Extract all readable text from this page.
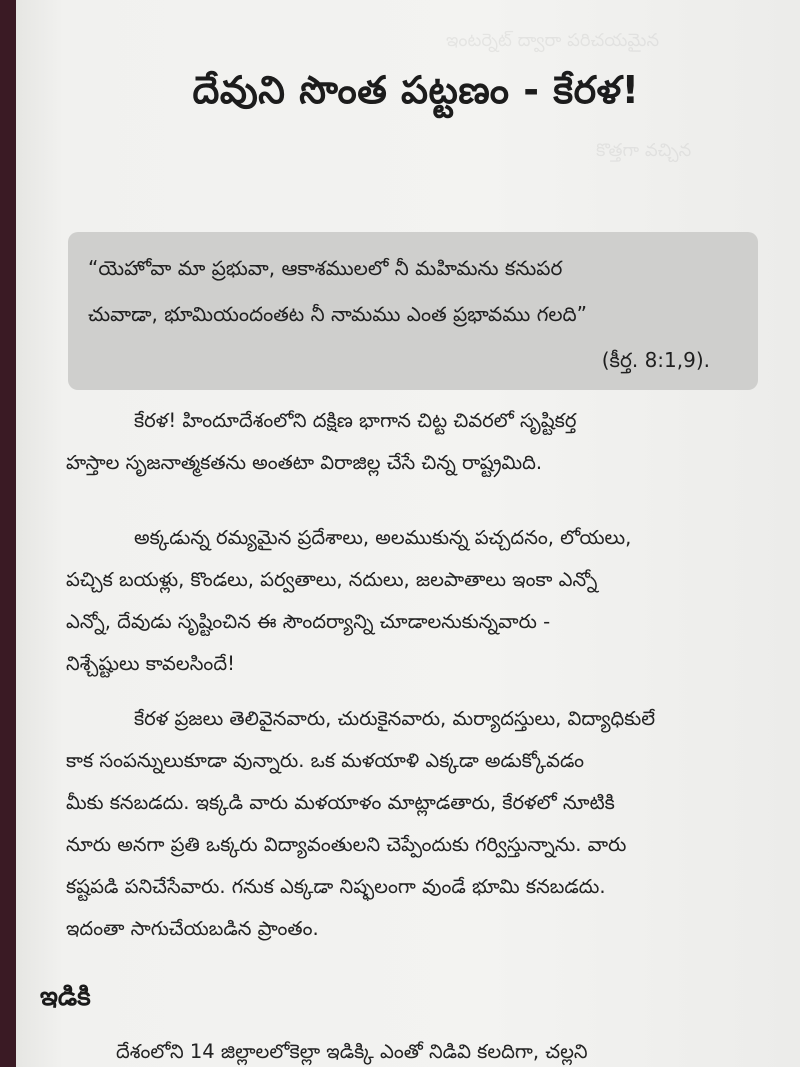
ఇంటర్నెట్ ద్వారా పరిచయమైన
కొత్తగా వచ్చిన
దేవుని సొంత పట్టణం - కేరళ!
“యెహోవా మా ప్రభువా, ఆకాశములలో నీ మహిమను కనుపర
చువాడా, భూమియందంతట నీ నామము ఎంత ప్రభావము గలది”
(కీర్త. 8:1,9).
కేరళ! హిందూదేశంలోని దక్షిణ భాగాన చిట్ట చివరలో సృష్టికర్త
హస్తాల సృజనాత్మకతను అంతటా విరాజిల్ల చేసే చిన్న రాష్ట్రమిది.
అక్కడున్న రమ్యమైన ప్రదేశాలు, అలముకున్న పచ్చదనం, లోయలు,
పచ్చిక బయళ్లు, కొండలు, పర్వతాలు, నదులు, జలపాతాలు ఇంకా ఎన్నో
ఎన్నో, దేవుడు సృష్టించిన ఈ సౌందర్యాన్ని చూడాలనుకున్నవారు -
నిశ్చేష్టులు కావలసిందే!
కేరళ ప్రజలు తెలివైనవారు, చురుకైనవారు, మర్యాదస్తులు, విద్యాధికులే
కాక సంపన్నులుకూడా వున్నారు. ఒక మళయాళి ఎక్కడా అడుక్కోవడం
మీకు కనబడదు. ఇక్కడి వారు మళయాళం మాట్లాడతారు, కేరళలో నూటికి
నూరు అనగా ప్రతి ఒక్కరు విద్యావంతులని చెప్పేందుకు గర్విస్తున్నాను. వారు
కష్టపడి పనిచేసేవారు. గనుక ఎక్కడా నిష్ఫలంగా వుండే భూమి కనబడదు.
ఇదంతా సాగుచేయబడిన ప్రాంతం.
ఇడికి
దేశంలోని 14 జిల్లాలలోకెల్లా ఇడిక్కి ఎంతో నిడివి కలదిగా, చల్లని
